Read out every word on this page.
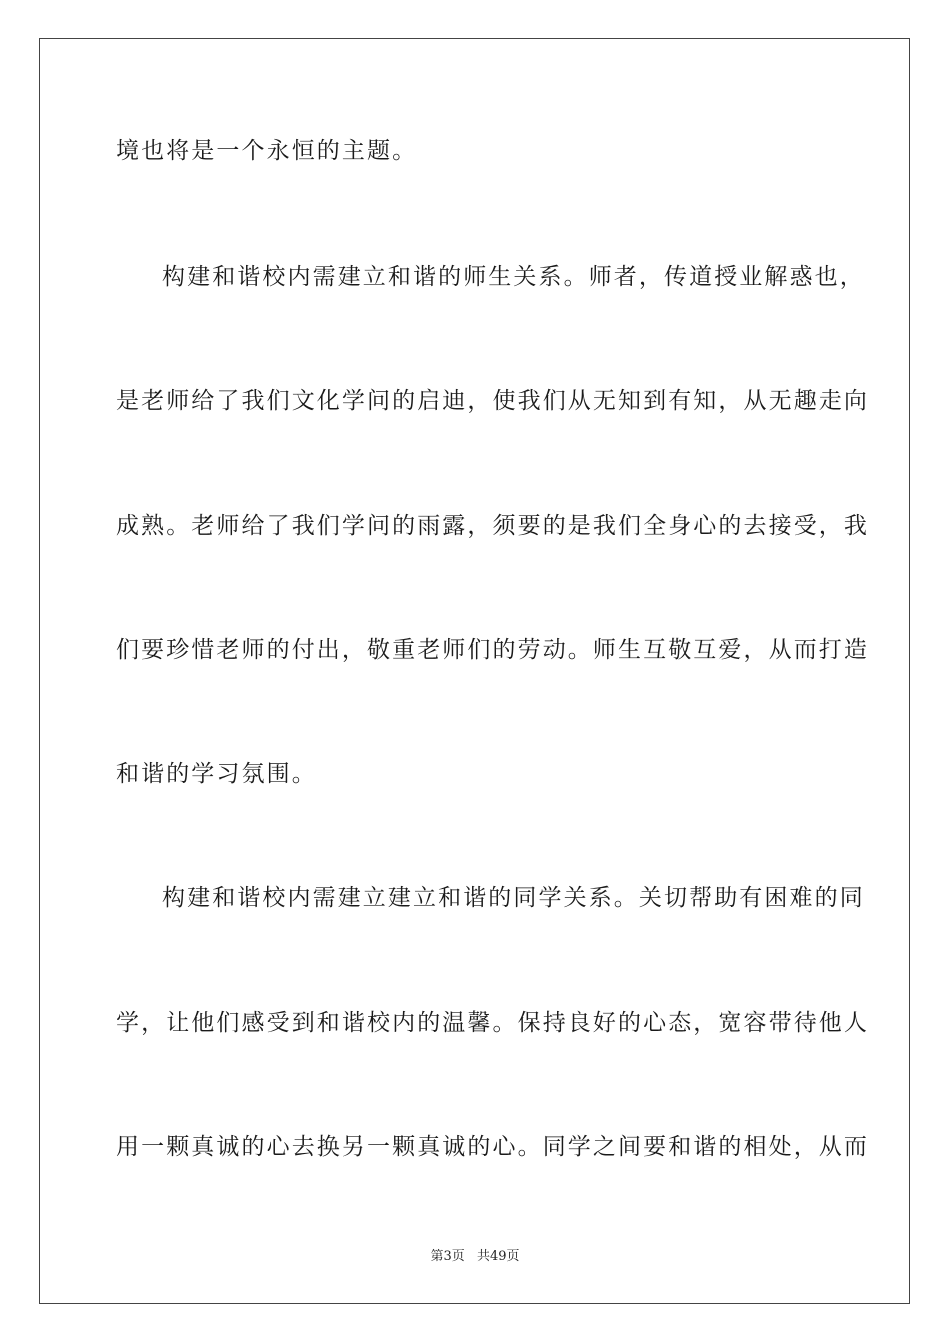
境也将是一个永恒的主题。
构建和谐校内需建立和谐的师生关系。师者，传道授业解惑也，
是老师给了我们文化学问的启迪，使我们从无知到有知，从无趣走向
成熟。老师给了我们学问的雨露，须要的是我们全身心的去接受，我
们要珍惜老师的付出，敬重老师们的劳动。师生互敬互爱，从而打造
和谐的学习氛围。
构建和谐校内需建立建立和谐的同学关系。关切帮助有困难的同
学，让他们感受到和谐校内的温馨。保持良好的心态，宽容带待他人
用一颗真诚的心去换另一颗真诚的心。同学之间要和谐的相处，从而
第3页 共49页
